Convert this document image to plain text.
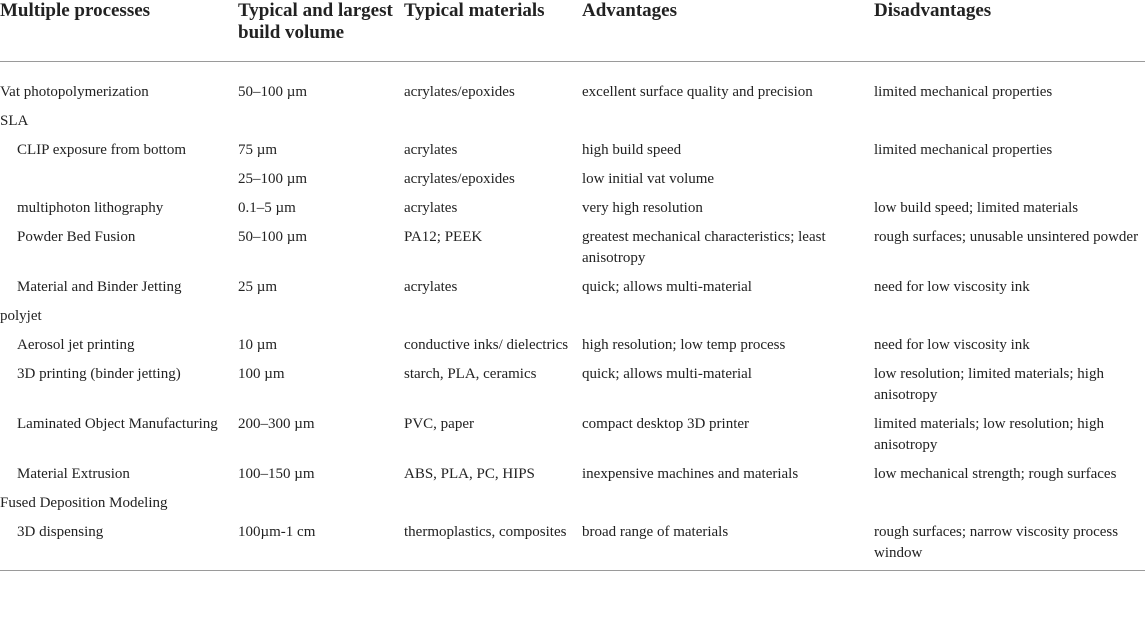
Multiple processes	Typical and largest build volume	Typical materials	Advantages	Disadvantages
Vat photopolymerization	50–100 µm	acrylates/epoxides	excellent surface quality and precision	limited mechanical properties
SLA				
CLIP exposure from bottom	75 µm	acrylates	high build speed	limited mechanical properties
	25–100 µm	acrylates/epoxides	low initial vat volume	
multiphoton lithography	0.1–5 µm	acrylates	very high resolution	low build speed; limited materials
Powder Bed Fusion	50–100 µm	PA12; PEEK	greatest mechanical characteristics; least anisotropy	rough surfaces; unusable unsintered powder
Material and Binder Jetting	25 µm	acrylates	quick; allows multi-material	need for low viscosity ink
polyjet				
Aerosol jet printing	10 µm	conductive inks/ dielectrics	high resolution; low temp process	need for low viscosity ink
3D printing (binder jetting)	100 µm	starch, PLA, ceramics	quick; allows multi-material	low resolution; limited materials; high anisotropy
Laminated Object Manufacturing	200–300 µm	PVC, paper	compact desktop 3D printer	limited materials; low resolution; high anisotropy
Material Extrusion	100–150 µm	ABS, PLA, PC, HIPS	inexpensive machines and materials	low mechanical strength; rough surfaces
Fused Deposition Modeling				
3D dispensing	100µm-1 cm	thermoplastics, composites	broad range of materials	rough surfaces; narrow viscosity process window
